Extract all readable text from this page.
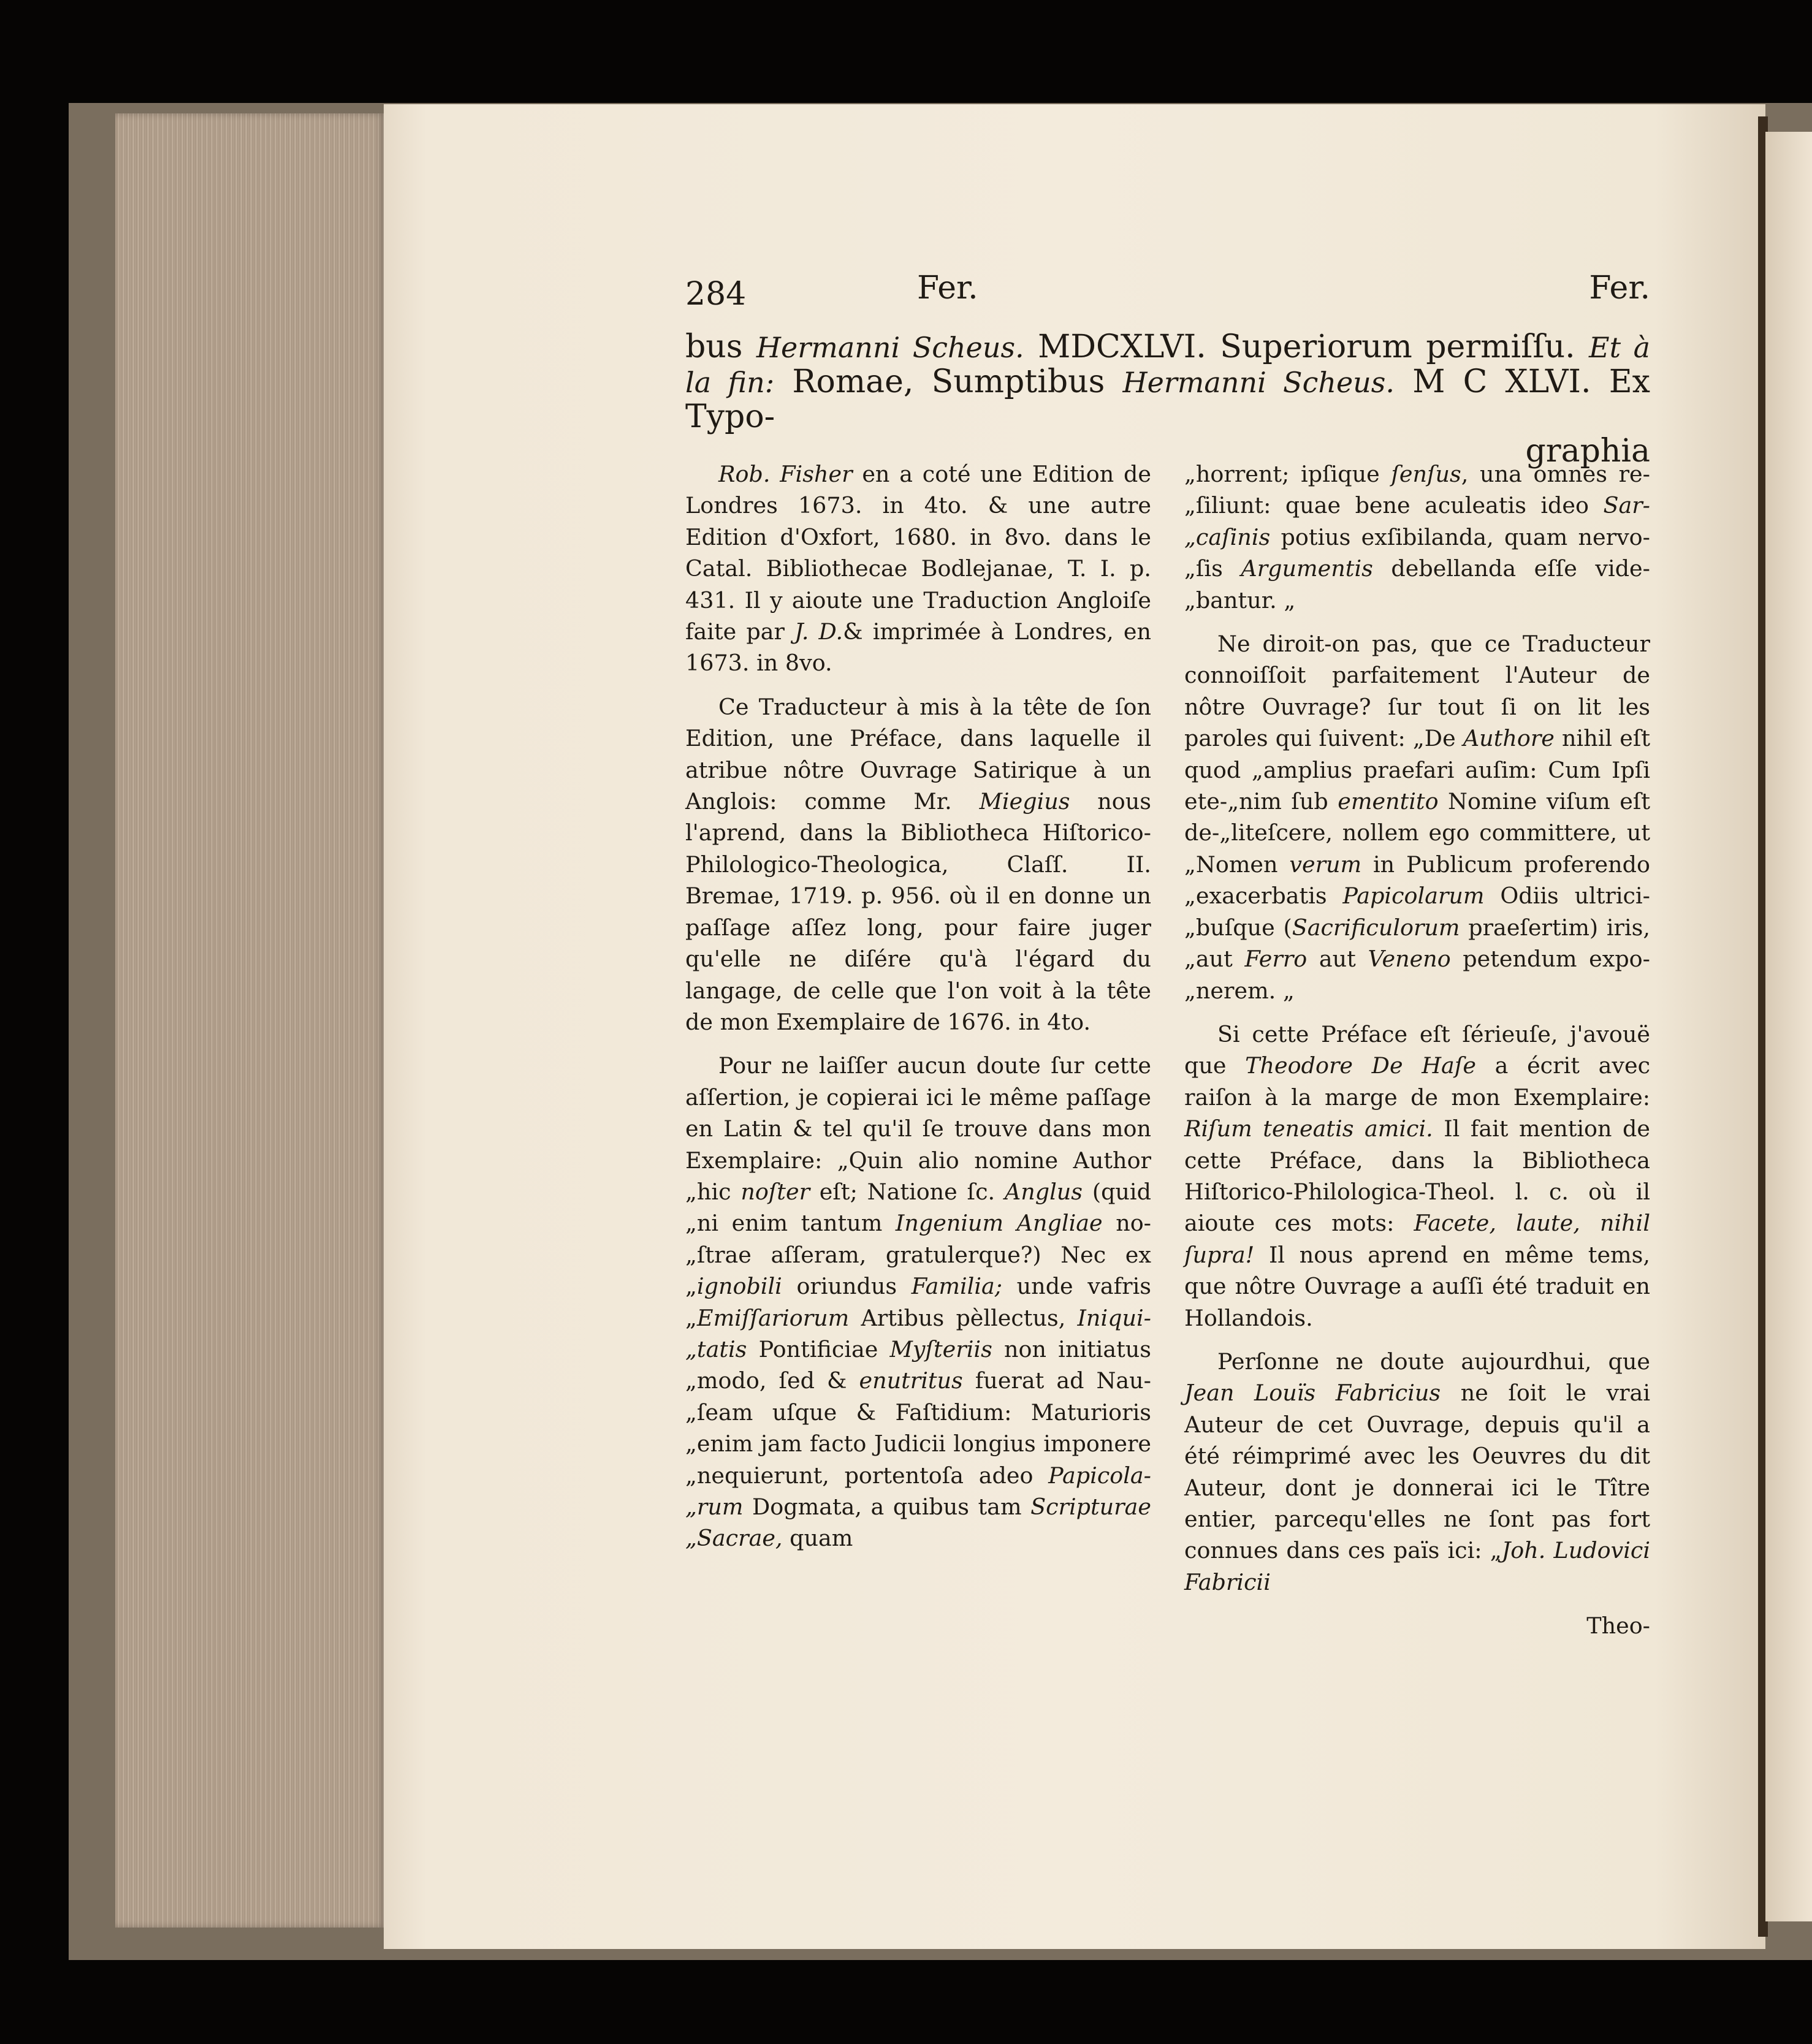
284	Fer.	Fer.
bus Hermanni Scheus. MDCXLVI. Superiorum permiſſu. Et à la fin: Romae, Sumptibus Hermanni Scheus. M C XLVI. Ex Typo-
graphia

Rob. Fisher en a coté une Edition de Londres 1673. in 4to. & une autre Edition d'Oxfort, 1680. in 8vo. dans le Catal. Bibliothecae Bodlejanae, T. I. p. 431. Il y aioute une Traduction Angloiſe faite par J. D.& imprimée à Londres, en 1673. in 8vo.

Ce Traducteur à mis à la tête de ſon Edition, une Préface, dans laquelle il atribue nôtre Ouvrage Satirique à un Anglois: comme Mr. Miegius nous l'aprend, dans la Bibliotheca Hiſtorico-Philologico-Theologica, Claſſ. II. Bremae, 1719. p. 956. où il en donne un paſſage aſſez long, pour faire juger qu'elle ne diſére qu'à l'égard du langage, de celle que l'on voit à la tête de mon Exemplaire de 1676. in 4to.

Pour ne laiſſer aucun doute ſur cette aſſertion, je copierai ici le même paſſage en Latin & tel qu'il ſe trouve dans mon Exemplaire: „Quin alio nomine Author „hic noſter eſt; Natione ſc. Anglus (quid „ni enim tantum Ingenium Angliae no-„ſtrae aſſeram, gratulerque?) Nec ex „ignobili oriundus Familia; unde vafris „Emiſſariorum Artibus pèllectus, Iniqui-„tatis Pontificiae Myſteriis non initiatus „modo, ſed & enutritus fuerat ad Nau-„ſeam uſque & Faſtidium: Maturioris „enim jam facto Judicii longius imponere „nequierunt, portentoſa adeo Papicola-„rum Dogmata, a quibus tam Scripturae „Sacrae, quam

„horrent; ipſique ſenſus, una omnes re-„ſiliunt: quae bene aculeatis ideo Sar-„caſinis potius exſibilanda, quam nervo-„ſis Argumentis debellanda eſſe vide-„bantur. „

Ne diroit-on pas, que ce Traducteur connoiſſoit parfaitement l'Auteur de nôtre Ouvrage? ſur tout ſi on lit les paroles qui ſuivent: „De Authore nihil eſt quod „amplius praefari auſim: Cum Ipſi ete-„nim ſub ementito Nomine viſum eſt de-„liteſcere, nollem ego committere, ut „Nomen verum in Publicum proferendo „exacerbatis Papicolarum Odiis ultrici-„buſque (Sacrificulorum praeſertim) iris, „aut Ferro aut Veneno petendum expo-„nerem. „

Si cette Préface eſt ſérieuſe, j'avouë que Theodore De Haſe a écrit avec raiſon à la marge de mon Exemplaire: Riſum teneatis amici. Il fait mention de cette Préface, dans la Bibliotheca Hiſtorico-Philologica-Theol. l. c. où il aioute ces mots: Facete, laute, nihil ſupra! Il nous aprend en même tems, que nôtre Ouvrage a auſſi été traduit en Hollandois.

Perſonne ne doute aujourdhui, que Jean Louïs Fabricius ne ſoit le vrai Auteur de cet Ouvrage, depuis qu'il a été réimprimé avec les Oeuvres du dit Auteur, dont je donnerai ici le Tître entier, parcequ'elles ne ſont pas fort connues dans ces païs ici: „Joh. Ludovici Fabricii

Theo-
